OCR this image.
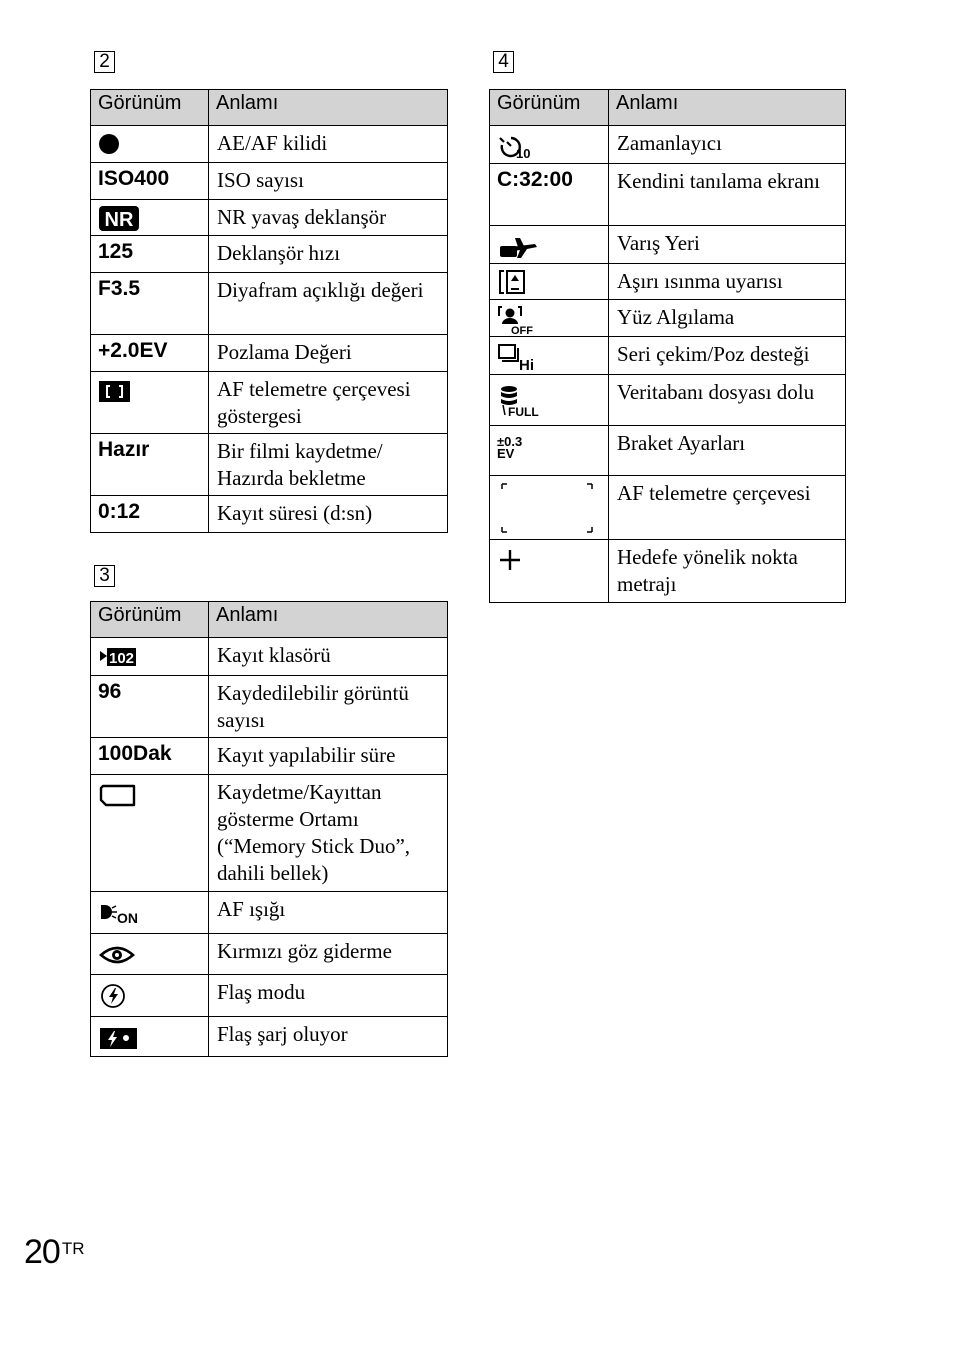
2
Görünüm	Anlamı

	AE/AF kilidi
ISO400	ISO sayısı

NR	NR yavaş deklanşör
125	Deklanşör hızı
F3.5	Diyafram açıklığı değeri
+2.0EV	Pozlama Değeri

	AF telemetre çerçevesi göstergesi
Hazır	Bir filmi kaydetme/ Hazırda bekletme
0:12	Kayıt süresi (d:sn)
3
Görünüm	Anlamı

102	Kayıt klasörü
96	Kaydedilebilir görüntü sayısı
100Dak	Kayıt yapılabilir süre

	Kaydetme/Kayıttan gösterme Ortamı (“Memory Stick Duo”, dahili bellek)

ON	AF ışığı

	Kırmızı göz giderme

	Flaş modu

	Flaş şarj oluyor
4
Görünüm	Anlamı

10	Zamanlayıcı
C:32:00	Kendini tanılama ekranı

	Varış Yeri

	Aşırı ısınma uyarısı

OFF	Yüz Algılama

Hi	Seri çekim/Poz desteği

FULL	Veritabanı dosyası dolu

±0.3 EV	Braket Ayarları

	AF telemetre çerçevesi

	Hedefe yönelik nokta metrajı
20 $^{TR}$
